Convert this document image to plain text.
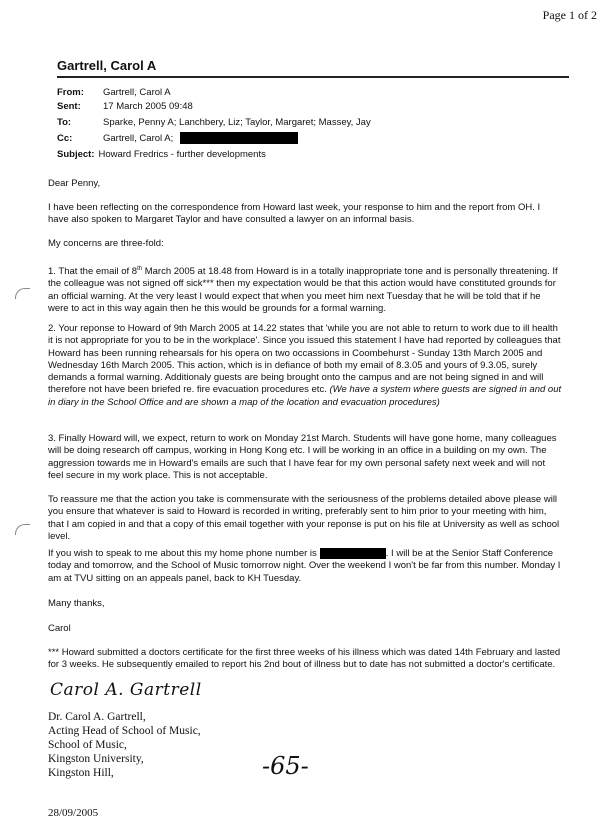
Page 1 of 2
Gartrell, Carol A
From: Gartrell, Carol A
Sent: 17 March 2005 09:48
To:	Sparke, Penny A; Lanchbery, Liz; Taylor, Margaret; Massey, Jay
Cc:	Gartrell, Carol A;
Subject: Howard Fredrics - further developments
Dear Penny,
I have been reflecting on the correspondence from Howard last week, your response to him and the report from OH. I have also spoken to Margaret Taylor and have consulted a lawyer on an informal basis.
My concerns are three-fold:
1. That the email of 8th March 2005 at 18.48 from Howard is in a totally inappropriate tone and is personally threatening. If the colleague was not signed off sick*** then my expectation would be that this action would have constituted grounds for an official warning. At the very least I would expect that when you meet him next Tuesday that he will be told that if he were to act in this way again then he this would be grounds for a formal warning.
2. Your reponse to Howard of 9th March 2005 at 14.22 states that 'while you are not able to return to work due to ill health it is not appropriate for you to be in the workplace'. Since you issued this statement I have had reported by colleagues that Howard has been running rehearsals for his opera on two occassions in Coombehurst - Sunday 13th March 2005 and Wednesday 16th March 2005. This action, which is in defiance of both my email of 8.3.05 and yours of 9.3.05, surely demands a formal warning. Additionaly guests are being brought onto the campus and are not being signed in and will therefore not have been briefed re. fire evacuation procedures etc. (We have a system where guests are signed in and out in diary in the School Office and are shown a map of the location and evacuation procedures)
3. Finally Howard will, we expect, return to work on Monday 21st March. Students will have gone home, many colleagues will be doing research off campus, working in Hong Kong etc. I will be working in an office in a building on my own. The aggression towards me in Howard's emails are such that I have fear for my own personal safety next week and will not feel secure in my work place. This is not acceptable.
To reassure me that the action you take is commensurate with the seriousness of the problems detailed above please will you ensure that whatever is said to Howard is recorded in writing, preferably sent to him prior to your meeting with him, that I am copied in and that a copy of this email together with your reponse is put on his file at University as well as school level.
If you wish to speak to me about this my home phone number is	. I will be at the Senior Staff Conference today and tomorrow, and the School of Music tomorrow night. Over the weekend I won't be far from this number. Monday I am at TVU sitting on an appeals panel, back to KH Tuesday.
Many thanks,
Carol
*** Howard submitted a doctors certificate for the first three weeks of his illness which was dated 14th February and lasted for 3 weeks. He subsequently emailed to report his 2nd bout of illness but to date has not submitted a doctor's certificate.
Carol A. Gartrell
Dr. Carol A. Gartrell,
Acting Head of School of Music,
School of Music,
Kingston University,
Kingston Hill,	-65-
28/09/2005
